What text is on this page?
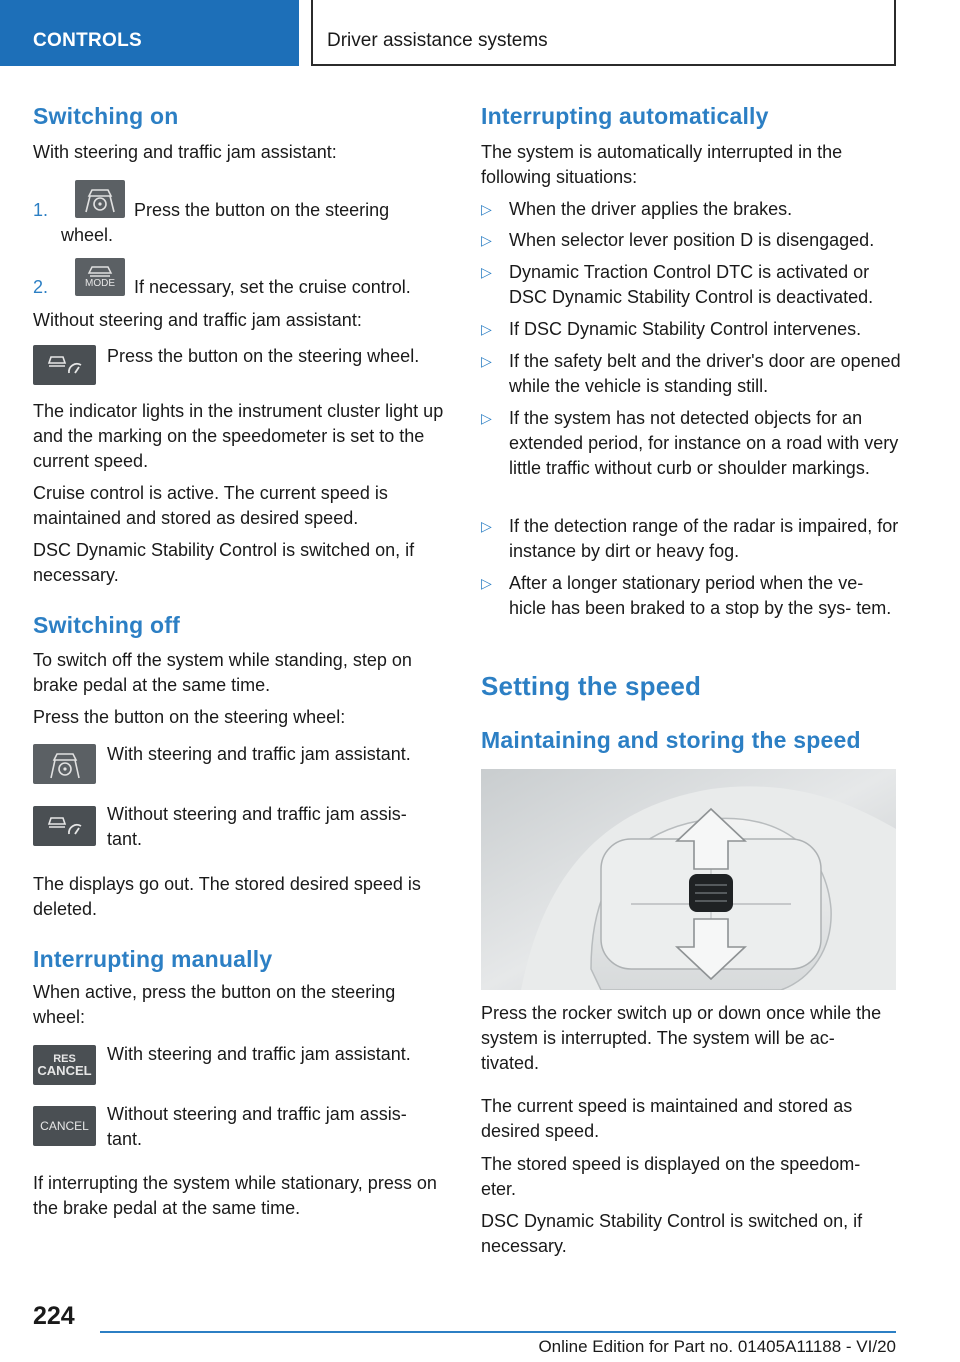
CONTROLS	Driver assistance systems
Switching on

With steering and traffic jam assistant:

1.	Press the button on the steering
wheel.
2.	MODE If necessary, set the cruise control.

Without steering and traffic jam assistant:

Press the button on the steering wheel.

The indicator lights in the instrument cluster light up and the marking on the speedometer is set to the current speed.

Cruise control is active. The current speed is maintained and stored as desired speed.

DSC Dynamic Stability Control is switched on, if necessary.

Switching off

To switch off the system while standing, step on brake pedal at the same time.

Press the button on the steering wheel:

With steering and traffic jam assistant.
Without steering and traffic jam assis-
tant.

The displays go out. The stored desired speed is deleted.

Interrupting manually

When active, press the button on the steering wheel:

RES
CANCEL
With steering and traffic jam assistant.
CANCEL
Without steering and traffic jam assis-
tant.

If interrupting the system while stationary, press on the brake pedal at the same time.

Interrupting automatically

The system is automatically interrupted in the following situations:

▷ When the driver applies the brakes.
▷ When selector lever position D is disengaged.
▷ Dynamic Traction Control DTC is activated or DSC Dynamic Stability Control is deactivated.
▷ If DSC Dynamic Stability Control intervenes.
▷ If the safety belt and the driver's door are opened while the vehicle is standing still.
▷ If the system has not detected objects for an extended period, for instance on a road with very little traffic without curb or shoulder markings.
▷ If the detection range of the radar is impaired, for instance by dirt or heavy fog.
▷ After a longer stationary period when the ve- hicle has been braked to a stop by the sys- tem.
Setting the speed
Maintaining and storing the speed

Press the rocker switch up or down once while the system is interrupted. The system will be ac- tivated.

The current speed is maintained and stored as desired speed.

The stored speed is displayed on the speedom- eter.

DSC Dynamic Stability Control is switched on, if necessary.

224
Online Edition for Part no. 01405A11188 - VI/20
